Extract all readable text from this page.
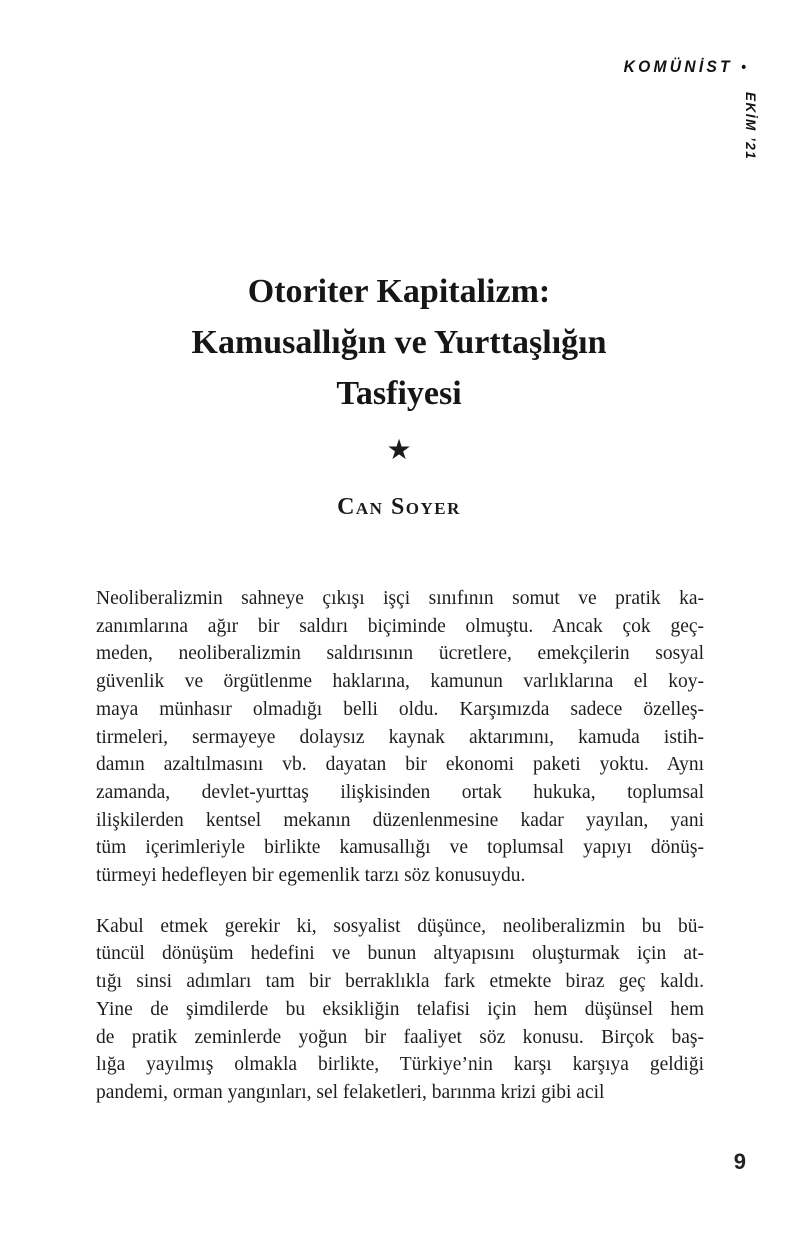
KOMÜNİST •
EKİM ’21
Otoriter Kapitalizm:
Kamusallığın ve Yurttaşlığın
Tasfiyesi
★
Can Soyer
Neoliberalizmin sahneye çıkışı işçi sınıfının somut ve pratik ka-
zanımlarına ağır bir saldırı biçiminde olmuştu. Ancak çok geç-
meden, neoliberalizmin saldırısının ücretlere, emekçilerin sosyal
güvenlik ve örgütlenme haklarına, kamunun varlıklarına el koy-
maya münhasır olmadığı belli oldu. Karşımızda sadece özelleş-
tirmeleri, sermayeye dolaysız kaynak aktarımını, kamuda istih-
damın azaltılmasını vb. dayatan bir ekonomi paketi yoktu. Aynı
zamanda, devlet-yurttaş ilişkisinden ortak hukuka, toplumsal
ilişkilerden kentsel mekanın düzenlenmesine kadar yayılan, yani
tüm içerimleriyle birlikte kamusallığı ve toplumsal yapıyı dönüş-
türmeyi hedefleyen bir egemenlik tarzı söz konusuydu.
Kabul etmek gerekir ki, sosyalist düşünce, neoliberalizmin bu bü-
tüncül dönüşüm hedefini ve bunun altyapısını oluşturmak için at-
tığı sinsi adımları tam bir berraklıkla fark etmekte biraz geç kaldı.
Yine de şimdilerde bu eksikliğin telafisi için hem düşünsel hem
de pratik zeminlerde yoğun bir faaliyet söz konusu. Birçok baş-
lığa yayılmış olmakla birlikte, Türkiye’nin karşı karşıya geldiği
pandemi, orman yangınları, sel felaketleri, barınma krizi gibi acil
9
